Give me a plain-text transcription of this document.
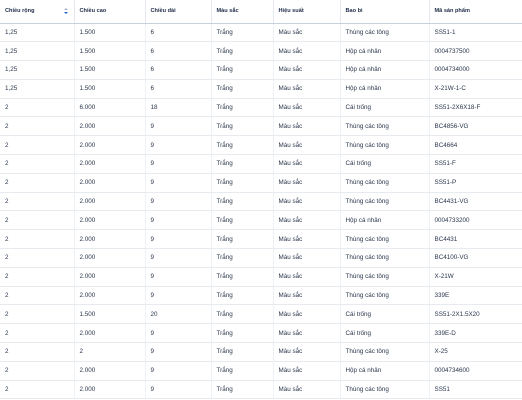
Chiều rộng	Chiều cao	Chiều dài	Màu sắc	Hiệu suất	Bao bì	Mã sản phẩm
1,25	1.500	6	Trắng	Màu sắc	Thùng các tông	SS51-1
1,25	1.500	6	Trắng	Màu sắc	Hộp cá nhân	0004737500
1,25	1.500	6	Trắng	Màu sắc	Hộp cá nhân	0004734000
1,25	1.500	6	Trắng	Màu sắc	Hộp cá nhân	X-21W-1-C
2	6.000	18	Trắng	Màu sắc	Cái trống	SS51-2X6X18-F
2	2.000	9	Trắng	Màu sắc	Thùng các tông	BC4856-VG
2	2.000	9	Trắng	Màu sắc	Thùng các tông	BC4664
2	2.000	9	Trắng	Màu sắc	Cái trống	SS51-F
2	2.000	9	Trắng	Màu sắc	Thùng các tông	SS51-P
2	2.000	9	Trắng	Màu sắc	Thùng các tông	BC4431-VG
2	2.000	9	Trắng	Màu sắc	Hộp cá nhân	0004733200
2	2.000	9	Trắng	Màu sắc	Thùng các tông	BC4431
2	2.000	9	Trắng	Màu sắc	Thùng các tông	BC4100-VG
2	2.000	9	Trắng	Màu sắc	Thùng các tông	X-21W
2	2.000	9	Trắng	Màu sắc	Thùng các tông	339E
2	1.500	20	Trắng	Màu sắc	Cái trống	SS51-2X1.5X20
2	2.000	9	Trắng	Màu sắc	Cái trống	339E-D
2	2	9	Trắng	Màu sắc	Thùng các tông	X-25
2	2.000	9	Trắng	Màu sắc	Hộp cá nhân	0004734600
2	2.000	9	Trắng	Màu sắc	Thùng các tông	SS51
